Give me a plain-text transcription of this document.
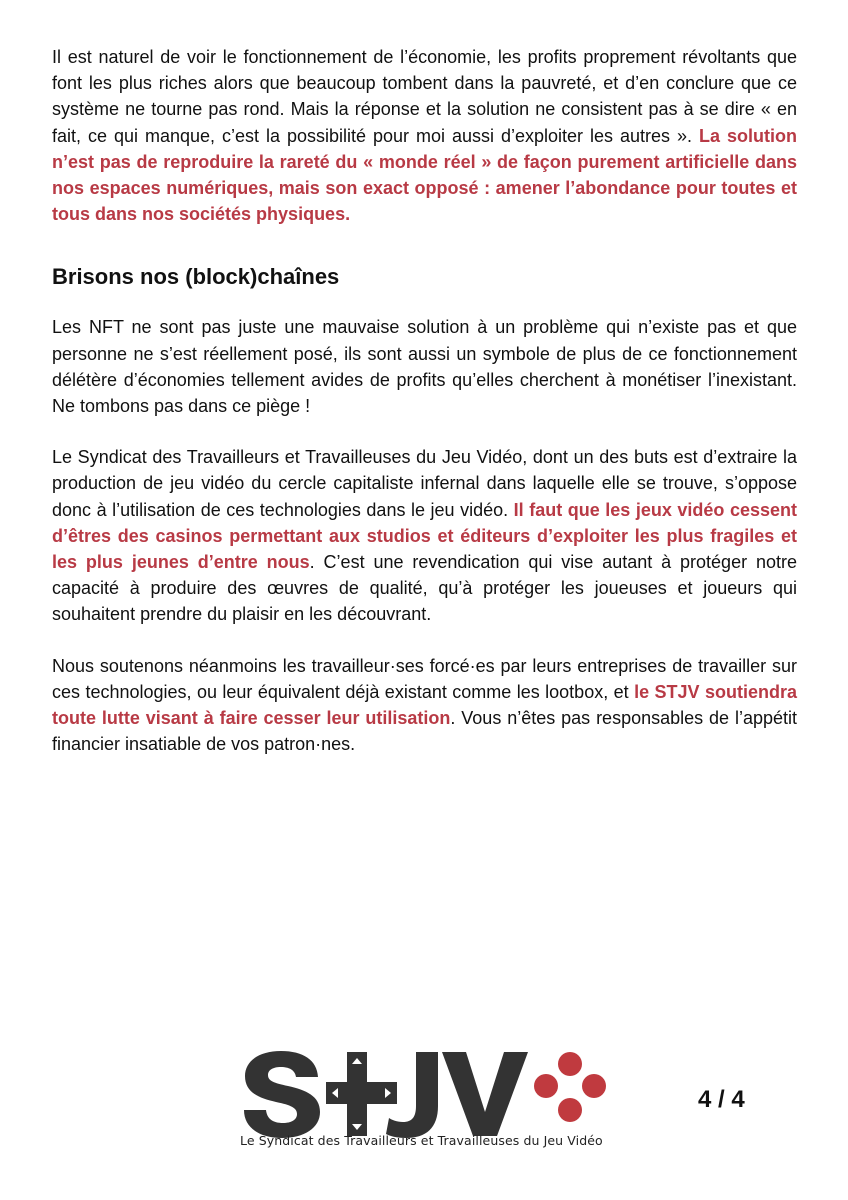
Il est naturel de voir le fonctionnement de l’économie, les profits proprement révoltants que font les plus riches alors que beaucoup tombent dans la pauvreté, et d’en conclure que ce système ne tourne pas rond. Mais la réponse et la solution ne consistent pas à se dire « en fait, ce qui manque, c’est la possibilité pour moi aussi d’exploiter les autres ». La solution n’est pas de reproduire la rareté du « monde réel » de façon purement artificielle dans nos espaces numériques, mais son exact opposé : amener l’abondance pour toutes et tous dans nos sociétés physiques.

Brisons nos (block)chaînes

Les NFT ne sont pas juste une mauvaise solution à un problème qui n’existe pas et que personne ne s’est réellement posé, ils sont aussi un symbole de plus de ce fonctionnement délétère d’économies tellement avides de profits qu’elles cherchent à monétiser l’inexistant. Ne tombons pas dans ce piège !

Le Syndicat des Travailleurs et Travailleuses du Jeu Vidéo, dont un des buts est d’extraire la production de jeu vidéo du cercle capitaliste infernal dans laquelle elle se trouve, s’oppose donc à l’utilisation de ces technologies dans le jeu vidéo. Il faut que les jeux vidéo cessent d’êtres des casinos permettant aux studios et éditeurs d’exploiter les plus fragiles et les plus jeunes d’entre nous. C’est une revendication qui vise autant à protéger notre capacité à produire des œuvres de qualité, qu’à protéger les joueuses et joueurs qui souhaitent prendre du plaisir en les découvrant.

Nous soutenons néanmoins les travailleur·ses forcé·es par leurs entreprises de travailler sur ces technologies, ou leur équivalent déjà existant comme les lootbox, et le STJV soutiendra toute lutte visant à faire cesser leur utilisation. Vous n’êtes pas responsables de l’appétit financier insatiable de vos patron·nes.

Le Syndicat des Travailleurs et Travailleuses du Jeu Vidéo
4 / 4
